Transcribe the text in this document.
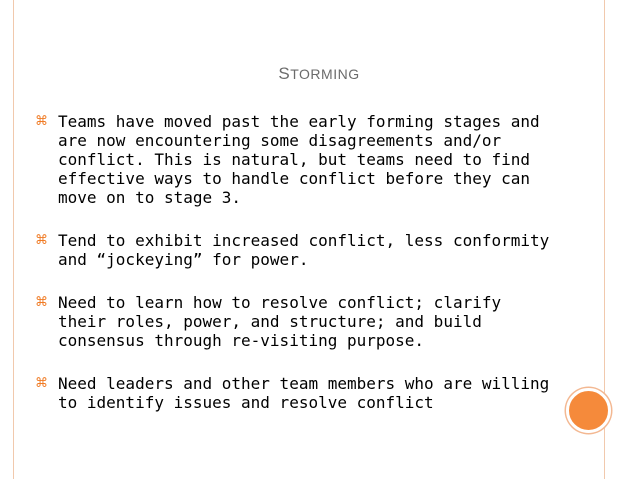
STORMING
⌘ Teams have moved past the early forming stages and are now encountering some disagreements and/or conflict. This is natural, but teams need to find effective ways to handle conflict before they can move on to stage 3.
⌘ Tend to exhibit increased conflict, less conformity and “jockeying” for power.
⌘ Need to learn how to resolve conflict; clarify their roles, power, and structure; and build consensus through re-visiting purpose.
⌘ Need leaders and other team members who are willing to identify issues and resolve conflict
